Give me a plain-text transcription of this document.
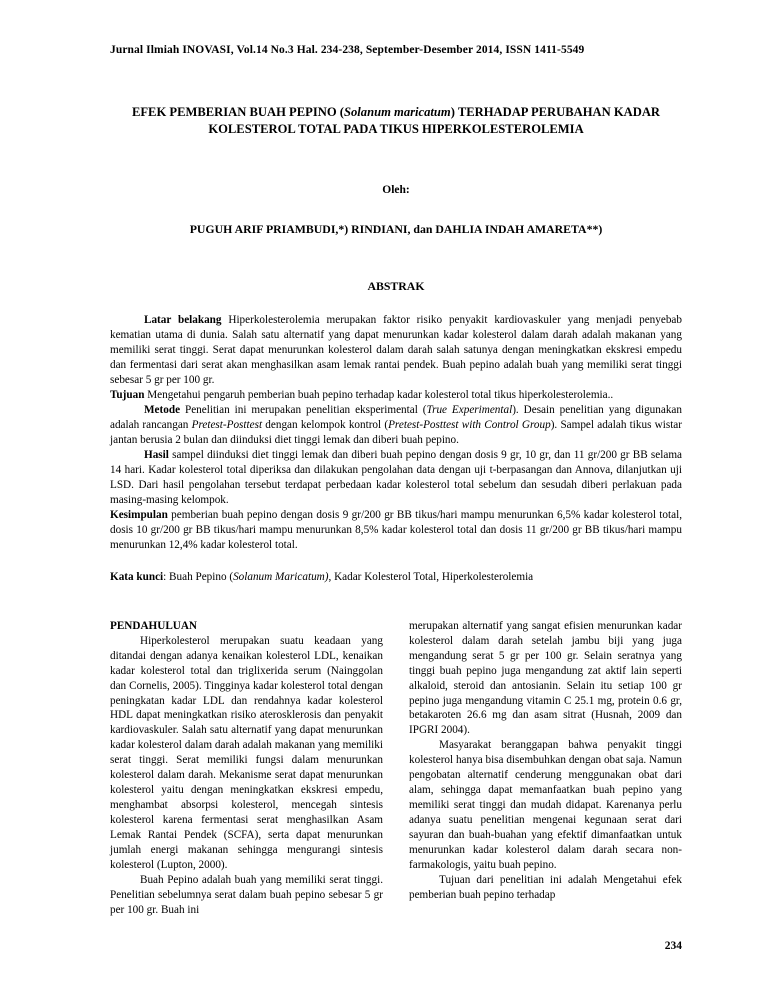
Jurnal Ilmiah INOVASI, Vol.14 No.3 Hal. 234-238, September-Desember 2014, ISSN 1411-5549
EFEK PEMBERIAN BUAH PEPINO (Solanum maricatum) TERHADAP PERUBAHAN KADAR
KOLESTEROL TOTAL PADA TIKUS HIPERKOLESTEROLEMIA
Oleh:
PUGUH ARIF PRIAMBUDI,*) RINDIANI, dan DAHLIA INDAH AMARETA**)
ABSTRAK

Latar belakang Hiperkolesterolemia merupakan faktor risiko penyakit kardiovaskuler yang menjadi penyebab kematian utama di dunia. Salah satu alternatif yang dapat menurunkan kadar kolesterol dalam darah adalah makanan yang memiliki serat tinggi. Serat dapat menurunkan kolesterol dalam darah salah satunya dengan meningkatkan ekskresi empedu dan fermentasi dari serat akan menghasilkan asam lemak rantai pendek. Buah pepino adalah buah yang memiliki serat tinggi sebesar 5 gr per 100 gr.

Tujuan Mengetahui pengaruh pemberian buah pepino terhadap kadar kolesterol total tikus hiperkolesterolemia..

Metode Penelitian ini merupakan penelitian eksperimental (True Experimental). Desain penelitian yang digunakan adalah rancangan Pretest-Posttest dengan kelompok kontrol (Pretest-Posttest with Control Group). Sampel adalah tikus wistar jantan berusia 2 bulan dan diinduksi diet tinggi lemak dan diberi buah pepino.

Hasil sampel diinduksi diet tinggi lemak dan diberi buah pepino dengan dosis 9 gr, 10 gr, dan 11 gr/200 gr BB selama 14 hari. Kadar kolesterol total diperiksa dan dilakukan pengolahan data dengan uji t-berpasangan dan Annova, dilanjutkan uji LSD. Dari hasil pengolahan tersebut terdapat perbedaan kadar kolesterol total sebelum dan sesudah diberi perlakuan pada masing-masing kelompok.

Kesimpulan pemberian buah pepino dengan dosis 9 gr/200 gr BB tikus/hari mampu menurunkan 6,5% kadar kolesterol total, dosis 10 gr/200 gr BB tikus/hari mampu menurunkan 8,5% kadar kolesterol total dan dosis 11 gr/200 gr BB tikus/hari mampu menurunkan 12,4% kadar kolesterol total.

Kata kunci: Buah Pepino (Solanum Maricatum), Kadar Kolesterol Total, Hiperkolesterolemia

PENDAHULUAN

Hiperkolesterol merupakan suatu keadaan yang ditandai dengan adanya kenaikan kolesterol LDL, kenaikan kadar kolesterol total dan triglixerida serum (Nainggolan dan Cornelis, 2005). Tingginya kadar kolesterol total dengan peningkatan kadar LDL dan rendahnya kadar kolesterol HDL dapat meningkatkan risiko aterosklerosis dan penyakit kardiovaskuler. Salah satu alternatif yang dapat menurunkan kadar kolesterol dalam darah adalah makanan yang memiliki serat tinggi. Serat memiliki fungsi dalam menurunkan kolesterol dalam darah. Mekanisme serat dapat menurunkan kolesterol yaitu dengan meningkatkan ekskresi empedu, menghambat absorpsi kolesterol, mencegah sintesis kolesterol karena fermentasi serat menghasilkan Asam Lemak Rantai Pendek (SCFA), serta dapat menurunkan jumlah energi makanan sehingga mengurangi sintesis kolesterol (Lupton, 2000).

Buah Pepino adalah buah yang memiliki serat tinggi. Penelitian sebelumnya serat dalam buah pepino sebesar 5 gr per 100 gr. Buah ini

merupakan alternatif yang sangat efisien menurunkan kadar kolesterol dalam darah setelah jambu biji yang juga mengandung serat 5 gr per 100 gr. Selain seratnya yang tinggi buah pepino juga mengandung zat aktif lain seperti alkaloid, steroid dan antosianin. Selain itu setiap 100 gr pepino juga mengandung vitamin C 25.1 mg, protein 0.6 gr, betakaroten 26.6 mg dan asam sitrat (Husnah, 2009 dan IPGRI 2004).

Masyarakat beranggapan bahwa penyakit tinggi kolesterol hanya bisa disembuhkan dengan obat saja. Namun pengobatan alternatif cenderung menggunakan obat dari alam, sehingga dapat memanfaatkan buah pepino yang memiliki serat tinggi dan mudah didapat. Karenanya perlu adanya suatu penelitian mengenai kegunaan serat dari sayuran dan buah-buahan yang efektif dimanfaatkan untuk menurunkan kadar kolesterol dalam darah secara non-farmakologis, yaitu buah pepino.

Tujuan dari penelitian ini adalah Mengetahui efek pemberian buah pepino terhadap

234
